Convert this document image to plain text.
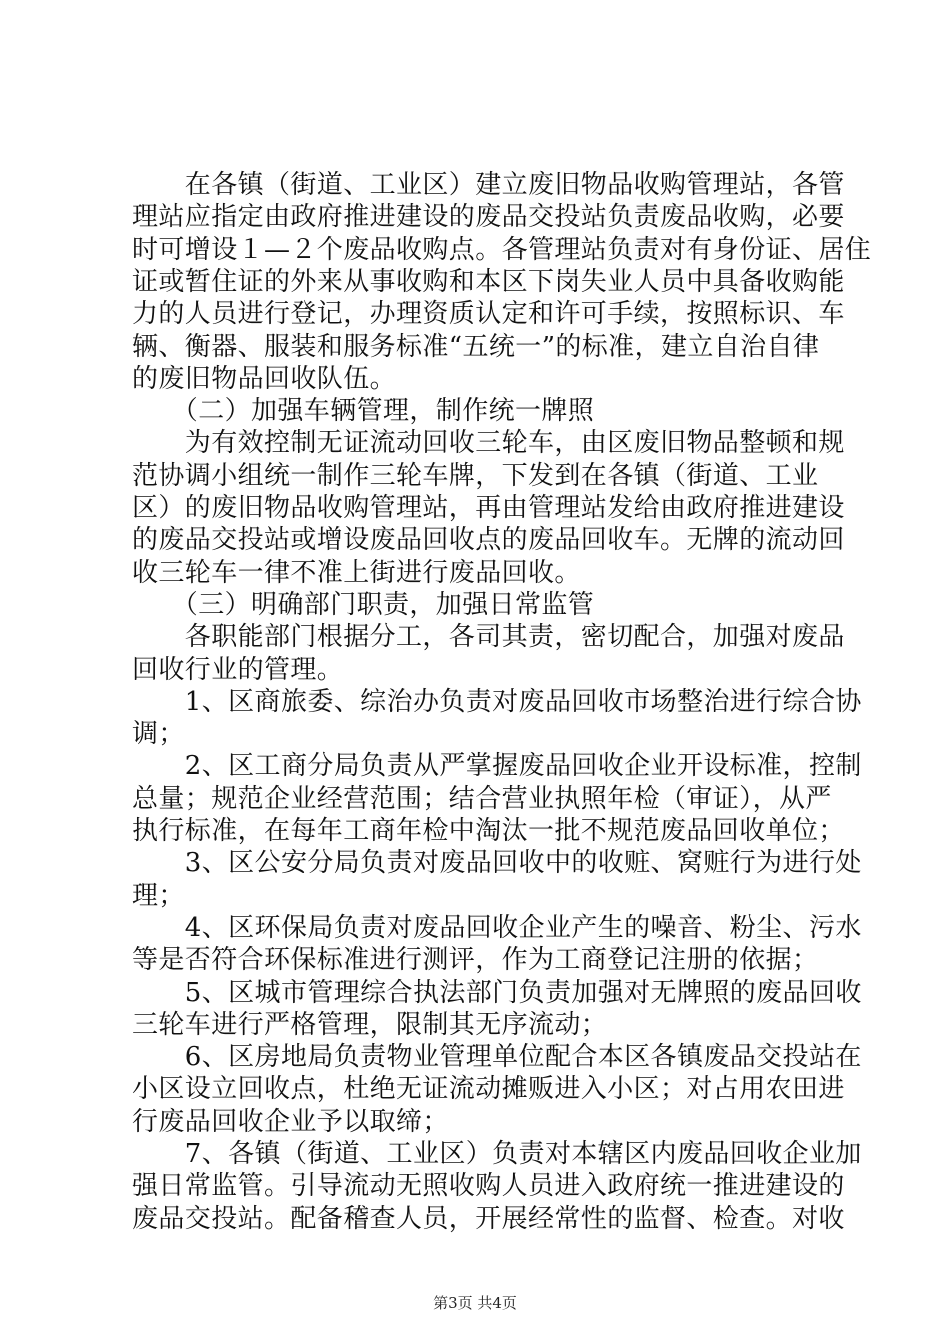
　　在各镇（街道、工业区）建立废旧物品收购管理站，各管
理站应指定由政府推进建设的废品交投站负责废品收购，必要
时可增设１—２个废品收购点。各管理站负责对有身份证、居住
证或暂住证的外来从事收购和本区下岗失业人员中具备收购能
力的人员进行登记，办理资质认定和许可手续，按照标识、车
辆、衡器、服装和服务标准“五统一”的标准，建立自治自律
的废旧物品回收队伍。
　　（二）加强车辆管理，制作统一牌照
　　为有效控制无证流动回收三轮车，由区废旧物品整顿和规
范协调小组统一制作三轮车牌，下发到在各镇（街道、工业
区）的废旧物品收购管理站，再由管理站发给由政府推进建设
的废品交投站或增设废品回收点的废品回收车。无牌的流动回
收三轮车一律不准上街进行废品回收。
　　（三）明确部门职责，加强日常监管
　　各职能部门根据分工，各司其责，密切配合，加强对废品
回收行业的管理。
　　1、区商旅委、综治办负责对废品回收市场整治进行综合协
调；
　　2、区工商分局负责从严掌握废品回收企业开设标准，控制
总量；规范企业经营范围；结合营业执照年检（审证），从严
执行标准，在每年工商年检中淘汰一批不规范废品回收单位；
　　3、区公安分局负责对废品回收中的收赃、窝赃行为进行处
理；
　　4、区环保局负责对废品回收企业产生的噪音、粉尘、污水
等是否符合环保标准进行测评，作为工商登记注册的依据；
　　5、区城市管理综合执法部门负责加强对无牌照的废品回收
三轮车进行严格管理，限制其无序流动；
　　6、区房地局负责物业管理单位配合本区各镇废品交投站在
小区设立回收点，杜绝无证流动摊贩进入小区；对占用农田进
行废品回收企业予以取缔；
　　7、各镇（街道、工业区）负责对本辖区内废品回收企业加
强日常监管。引导流动无照收购人员进入政府统一推进建设的
废品交投站。配备稽查人员，开展经常性的监督、检查。对收
第3页 共4页
